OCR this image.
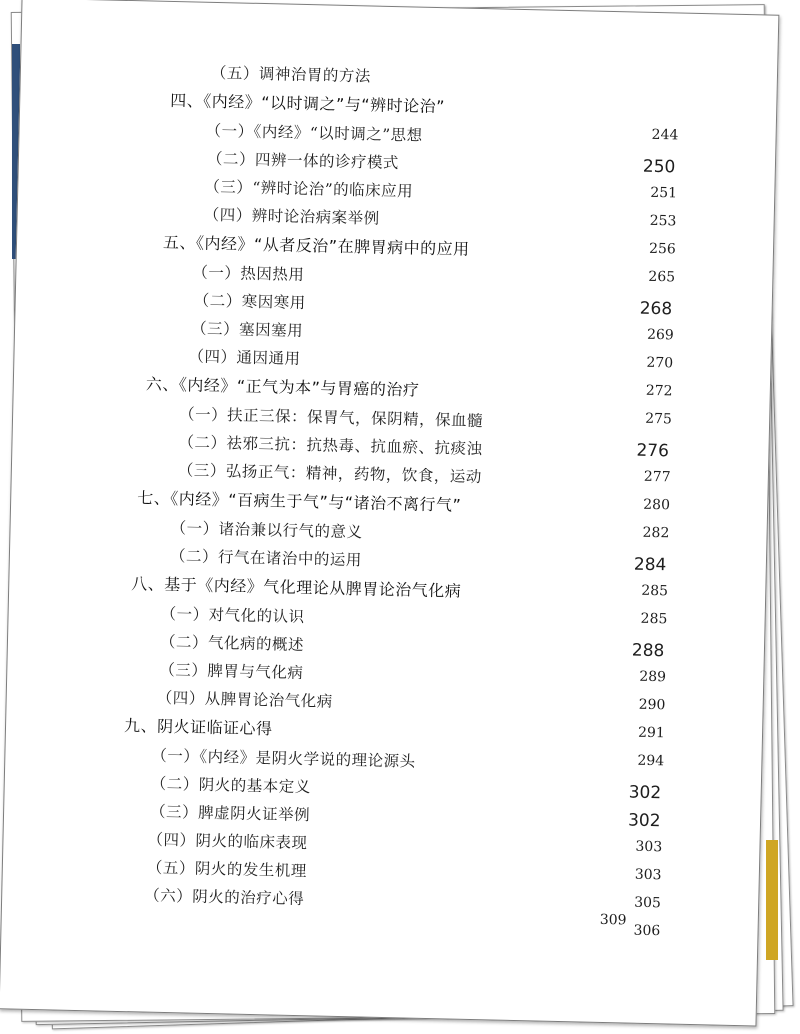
（五）调神治胃的方法
四、《内经》“以时调之”与“辨时论治”
244
（一）《内经》“以时调之”思想
250
（二）四辨一体的诊疗模式
251
（三）“辨时论治”的临床应用
253
（四）辨时论治病案举例
256
五、《内经》“从者反治”在脾胃病中的应用
265
（一）热因热用
268
（二）寒因寒用
269
（三）塞因塞用
270
（四）通因通用
272
六、《内经》“正气为本”与胃癌的治疗
275
（一）扶正三保：保胃气，保阴精，保血髓
276
（二）祛邪三抗：抗热毒、抗血瘀、抗痰浊
277
（三）弘扬正气：精神，药物，饮食，运动
280
七、《内经》“百病生于气”与“诸治不离行气”
282
（一）诸治兼以行气的意义
284
（二）行气在诸治中的运用
285
八、基于《内经》气化理论从脾胃论治气化病
285
（一）对气化的认识
288
（二）气化病的概述
289
（三）脾胃与气化病
290
（四）从脾胃论治气化病
291
九、阴火证临证心得
294
（一）《内经》是阴火学说的理论源头
302
（二）阴火的基本定义
302
（三）脾虚阴火证举例
303
（四）阴火的临床表现
303
（五）阴火的发生机理
305
（六）阴火的治疗心得
306
309
